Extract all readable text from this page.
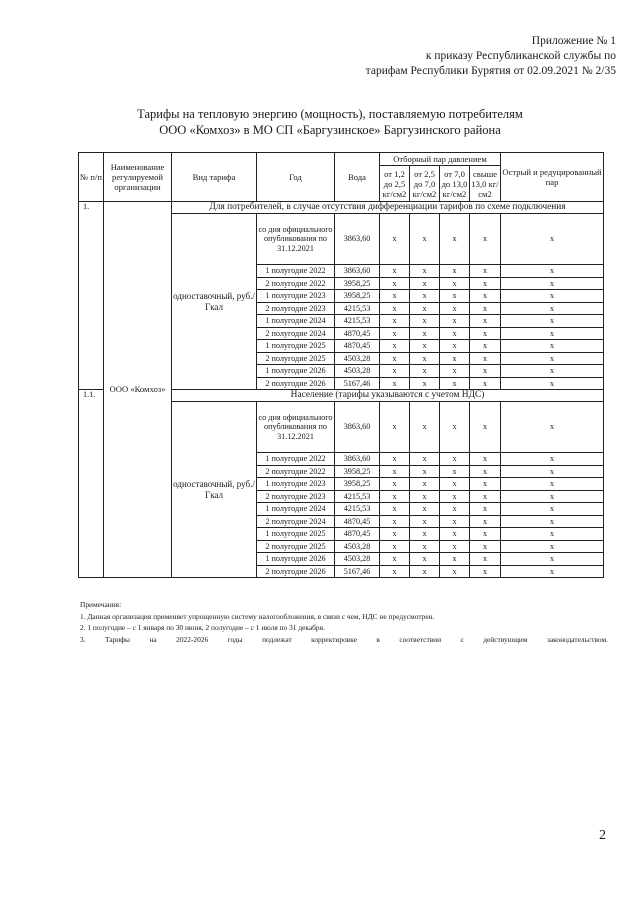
Приложение № 1
к приказу Республиканской службы по
тарифам Республики Бурятия от 02.09.2021 № 2/35
Тарифы на тепловую энергию (мощность), поставляемую потребителям
ООО «Комхоз» в МО СП «Баргузинское» Баргузинского района
№ п/п	Наименование регулируемой организации	Вид тарифа	Год	Вода	Отборный пар давлением				Острый и редуцированный пар
					от 1,2 до 2,5 кг/см2	от 2,5 до 7,0 кг/см2	от 7,0 до 13,0 кг/см2	свыше 13,0 кг/см2	
1.	ООО «Комхоз»	Для потребителей, в случае отсутствия дифференциации тарифов по схеме подключения							
		одноставочный, руб./Гкал	со дня официального опубликования по 31.12.2021	3863,60	х	х	х	х	х
			1 полугодие 2022	3863,60	х	х	х	х	х
			2 полугодие 2022	3958,25	х	х	х	х	х
			1 полугодие 2023	3958,25	х	х	х	х	х
			2 полугодие 2023	4215,53	х	х	х	х	х
			1 полугодие 2024	4215,53	х	х	х	х	х
			2 полугодие 2024	4870,45	х	х	х	х	х
			1 полугодие 2025	4870,45	х	х	х	х	х
			2 полугодие 2025	4503,28	х	х	х	х	х
			1 полугодие 2026	4503,28	х	х	х	х	х
			2 полугодие 2026	5167,46	х	х	х	х	х
1.1.		Население (тарифы указываются с учетом НДС)							
		одноставочный, руб./Гкал	со дня официального опубликования по 31.12.2021	3863,60	х	х	х	х	х
			1 полугодие 2022	3863,60	х	х	х	х	х
			2 полугодие 2022	3958,25	х	х	х	х	х
			1 полугодие 2023	3958,25	х	х	х	х	х
			2 полугодие 2023	4215,53	х	х	х	х	х
			1 полугодие 2024	4215,53	х	х	х	х	х
			2 полугодие 2024	4870,45	х	х	х	х	х
			1 полугодие 2025	4870,45	х	х	х	х	х
			2 полугодие 2025	4503,28	х	х	х	х	х
			1 полугодие 2026	4503,28	х	х	х	х	х
			2 полугодие 2026	5167,46	х	х	х	х	х
Примечания:
1. Данная организация применяет упрощенную систему налогообложения, в связи с чем, НДС не предусмотрен.
2. 1 полугодие – с 1 января по 30 июня, 2 полугодие – с 1 июля по 31 декабря.
3.	Тарифы	на	2022-2026	годы	подлежат	корректировке	в	соответствии	с	действующим	законодательством.
2
